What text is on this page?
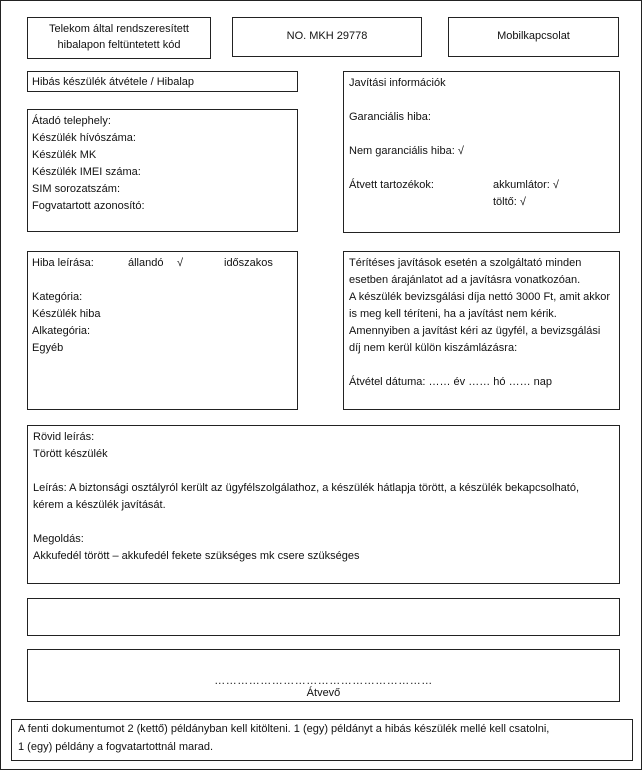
Telekom által rendszeresített
hibalapon feltüntetett kód
NO. MKH 29778	Mobilkapcsolat
Hibás készülék átvétele / Hibalap
Átadó telephely:
Készülék hívószáma:
Készülék MK
Készülék IMEI száma:
SIM sorozatszám:
Fogvatartott azonosító:
Javítási információk
Garanciális hiba:
Nem garanciális hiba: √
Átvett tartozékok:	akkumlátor: √
töltő: √
Hiba leírása:	állandó √	időszakos
Kategória:
Készülék hiba
Alkategória:
Egyéb
Térítéses javítások esetén a szolgáltató minden
esetben árajánlatot ad a javításra vonatkozóan.
A készülék bevizsgálási díja nettó 3000 Ft, amit akkor
is meg kell téríteni, ha a javítást nem kérik.
Amennyiben a javítást kéri az ügyfél, a bevizsgálási
díj nem kerül külön kiszámlázásra:
Átvétel dátuma: …… év …… hó …… nap
Rövid leírás:
Törött készülék
Leírás: A biztonsági osztályról került az ügyfélszolgálathoz, a készülék hátlapja törött, a készülék bekapcsolható,
kérem a készülék javítását.
Megoldás:
Akkufedél törött – akkufedél fekete szükséges mk csere szükséges
…………………………………………………
Átvevő
A fenti dokumentumot 2 (kettő) példányban kell kitölteni. 1 (egy) példányt a hibás készülék mellé kell csatolni,
1 (egy) példány a fogvatartottnál marad.
